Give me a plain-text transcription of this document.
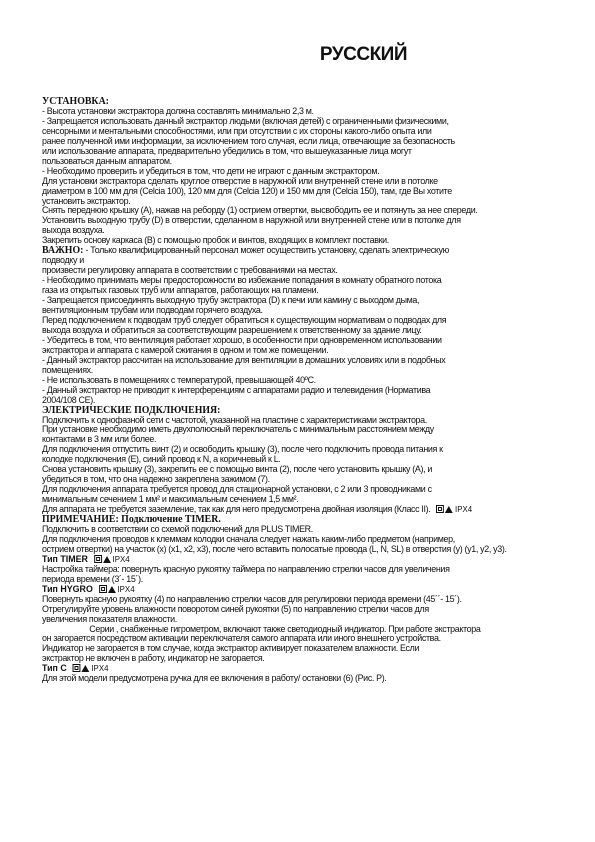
РУССКИЙ

УСТАНОВКА:

- Высота установки экстрактора должна составлять минимально 2,3 м.

- Запрещается использовать данный экстрактор людьми (включая детей) с ограниченными физическими,

сенсорными и ментальными способностями, или при отсутствии с их стороны какого-либо опыта или

ранее полученной ими информации, за исключением того случая, если лица, отвечающие за безопасность

или использование аппарата, предварительно убедились в том, что вышеуказанные лица могут

пользоваться данным аппаратом.

- Необходимо проверить и убедиться в том, что дети не играют с данным экстрактором.

Для установки экстрактора сделать круглое отверстие в наружной или внутренней стене или в потолке

диаметром в 100 мм для (Celcia 100), 120 мм для (Celcia 120) и 150 мм для (Celcia 150), там, где Вы хотите

установить экстрактор.

Снять переднюю крышку (A), нажав на реборду (1) острием отвертки, высвободить ее и потянуть за нее спереди.

Установить выходную трубу (D) в отверстии, сделанном в наружной или внутренней стене или в потолке для

выхода воздуха.

Закрепить основу каркаса (B) с помощью пробок и винтов, входящих в комплект поставки.

ВАЖНО: - Только квалифицированный персонал может осуществить установку, сделать электрическую

подводку и

произвести регулировку аппарата в соответствии с требованиями на местах.

- Необходимо принимать меры предосторожности во избежание попадания в комнату обратного потока

газа из открытых газовых труб или аппаратов, работающих на пламени.

- Запрещается присоединять выходную трубу экстрактора (D) к печи или камину с выходом дыма,

вентиляционным трубам или подводам горячего воздуха.

Перед подключением к подводам труб следует обратиться к существующим нормативам о подводах для

выхода воздуха и обратиться за соответствующим разрешением к ответственному за здание лицу.

- Убедитесь в том, что вентиляция работает хорошо, в особенности при одновременном использовании

экстрактора и аппарата с камерой сжигания в одном и том же помещении.

- Данный экстрактор рассчитан на использование для вентиляции в домашних условиях или в подобных

помещениях.

- Не использовать в помещениях с температурой, превышающей 40ºC.

- Данный экстрактор не приводит к интерференциям с аппаратами радио и телевидения (Норматива

2004/108 CE).

ЭЛЕКТРИЧЕСКИЕ ПОДКЛЮЧЕНИЯ:

Подключить к однофазной сети с частотой, указанной на пластине с характеристиками экстрактора.

При установке необходимо иметь двухполюсный переключатель с минимальным расстоянием между

контактами в 3 мм или более.

Для подключения отпустить винт (2) и освободить крышку (3), после чего подключить провода питания к

колодке подключения (E), синий провод к N, а коричневый к L.

Снова установить крышку (3), закрепить ее с помощью винта (2), после чего установить крышку (A), и

убедиться в том, что она надежно закреплена зажимом (7).

Для подключения аппарата требуется провод для стационарной установки, с 2 или 3 проводниками с

минимальным сечением 1 мм² и максимальным сечением 1,5 мм².

Для аппарата не требуется заземление, так как для него предусмотрена двойная изоляция (Класс II).	IPX4

ПРИМЕЧАНИЕ: Подключение TIMER.

Подключить в соответствии со схемой подключений для PLUS TIMER.

Для подключения проводов к клеммам колодки сначала следует нажать каким-либо предметом (например,

острием отвертки) на участок (x) (x1, x2, x3), после чего вставить полосатые провода (L, N, SL) в отверстия (y) (y1, y2, y3).

Тип TIMER	IPX4

Настройка таймера: повернуть красную рукоятку таймера по направлению стрелки часов для увеличения

периода времени (3´- 15´).

Тип HYGRO	IPX4

Повернуть красную рукоятку (4) по направлению стрелки часов для регулировки периода времени (45´´- 15´).

Отрегулируйте уровень влажности поворотом синей рукоятки (5) по направлению стрелки часов для

увеличения показателя влажности.

Серии , снабженные гигрометром, включают также светодиодный индикатор. При работе экстрактора

он загорается посредством активации переключателя самого аппарата или иного внешнего устройства.

Индикатор не загорается в том случае, когда экстрактор активирует показателем влажности. Если

экстрактор не включен в работу, индикатор не загорается.

Тип C	IPX4

Для этой модели предусмотрена ручка для ее включения в работу/ остановки (6) (Рис. P).
